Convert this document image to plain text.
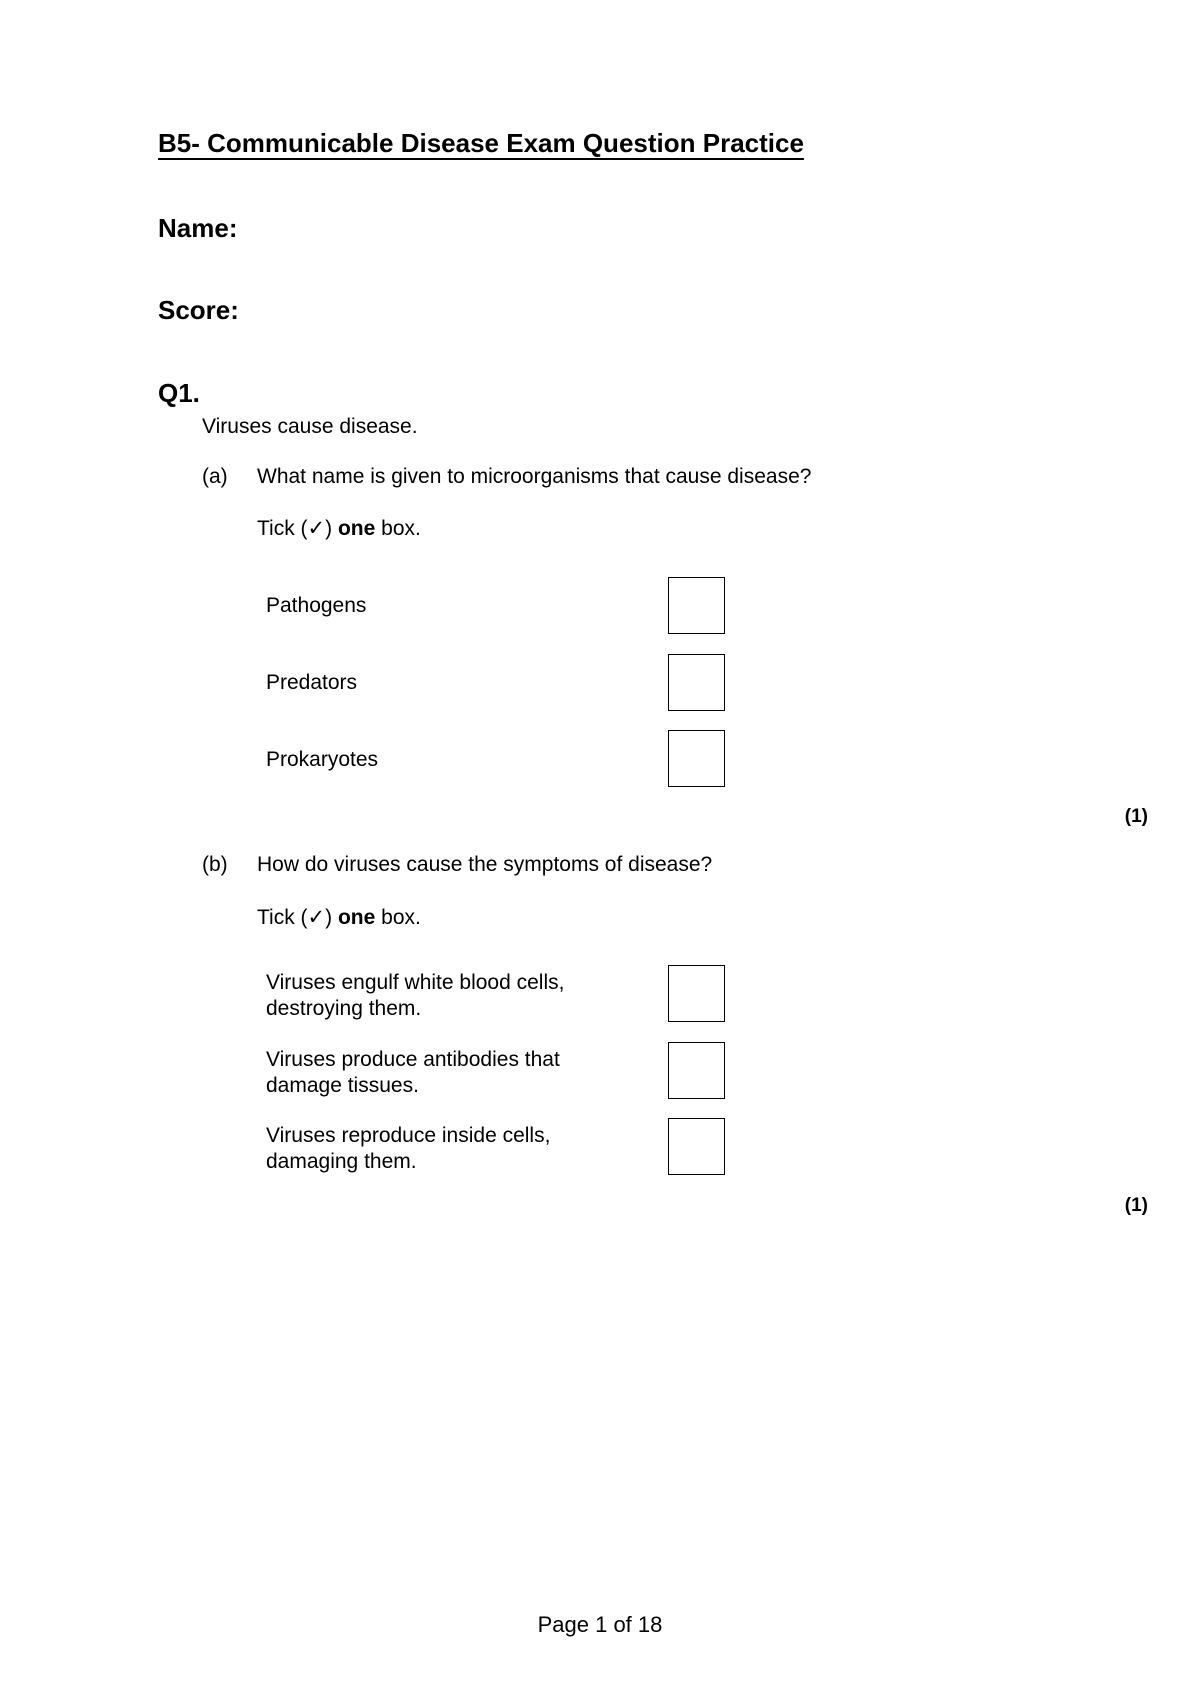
B5- Communicable Disease Exam Question Practice
Name:
Score:
Q1.
Viruses cause disease.
(a) What name is given to microorganisms that cause disease?
Tick (✓) one box.
Pathogens
Predators
Prokaryotes
(1)
(b) How do viruses cause the symptoms of disease?
Tick (✓) one box.
Viruses engulf white blood cells, destroying them.
Viruses produce antibodies that damage tissues.
Viruses reproduce inside cells, damaging them.
(1)
Page 1 of 18
